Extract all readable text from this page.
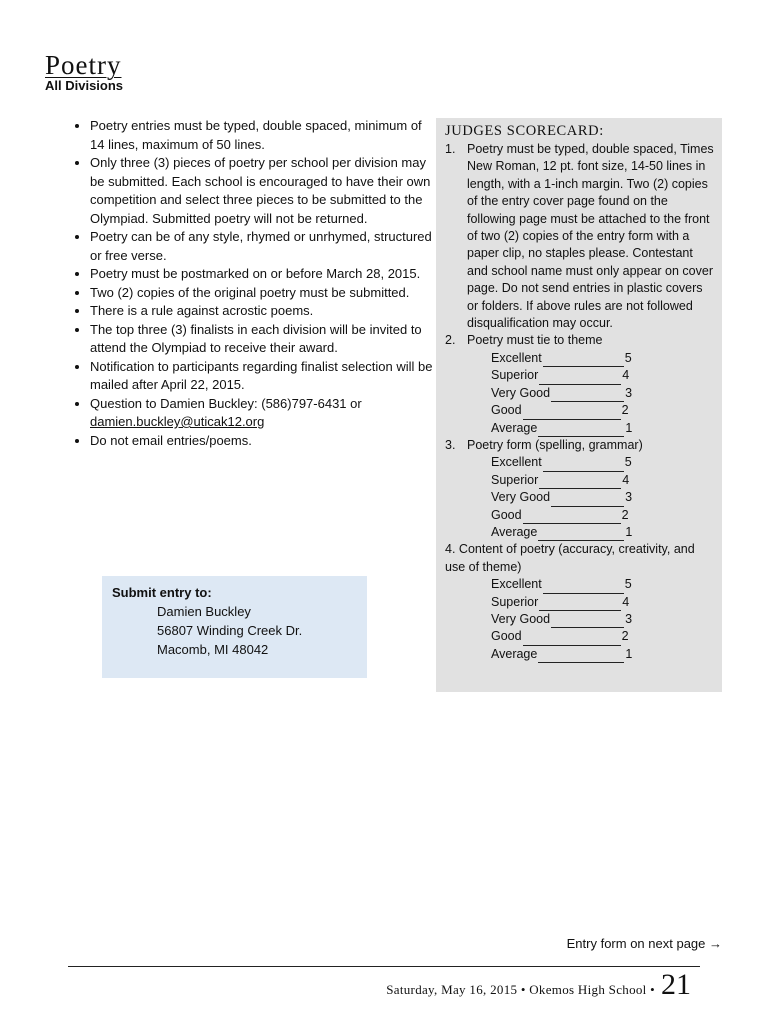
Poetry
All Divisions
• Poetry entries must be typed, double spaced, minimum of 14 lines, maximum of 50 lines.
• Only three (3) pieces of poetry per school per division may be submitted. Each school is encouraged to have their own competition and select three pieces to be submitted to the Olympiad. Submitted poetry will not be returned.
• Poetry can be of any style, rhymed or unrhymed, structured or free verse.
• Poetry must be postmarked on or before March 28, 2015.
• Two (2) copies of the original poetry must be submitted.
• There is a rule against acrostic poems.
• The top three (3) finalists in each division will be invited to attend the Olympiad to receive their award.
• Notification to participants regarding finalist selection will be mailed after April 22, 2015.
• Question to Damien Buckley: (586)797-6431 or damien.buckley@uticak12.org
• Do not email entries/poems.
Submit entry to:
Damien Buckley
56807 Winding Creek Dr.
Macomb, MI 48042
JUDGES SCORECARD:
1. Poetry must be typed, double spaced, Times New Roman, 12 pt. font size, 14-50 lines in length, with a 1-inch margin. Two (2) copies of the entry cover page found on the following page must be attached to the front of two (2) copies of the entry form with a paper clip, no staples please. Contestant and school name must only appear on cover page. Do not send entries in plastic covers or folders. If above rules are not followed disqualification may occur.
2. Poetry must tie to theme
Excellent	5
Superior	4
Very Good	3
Good	2
Average	1
3. Poetry form (spelling, grammar)
Excellent	5
Superior	4
Very Good	3
Good	2
Average	1
4. Content of poetry (accuracy, creativity, and use of theme)
Excellent	5
Superior	4
Very Good	3
Good	2
Average	1
Entry form on next page →
Saturday, May 16, 2015 • Okemos High School • 21
